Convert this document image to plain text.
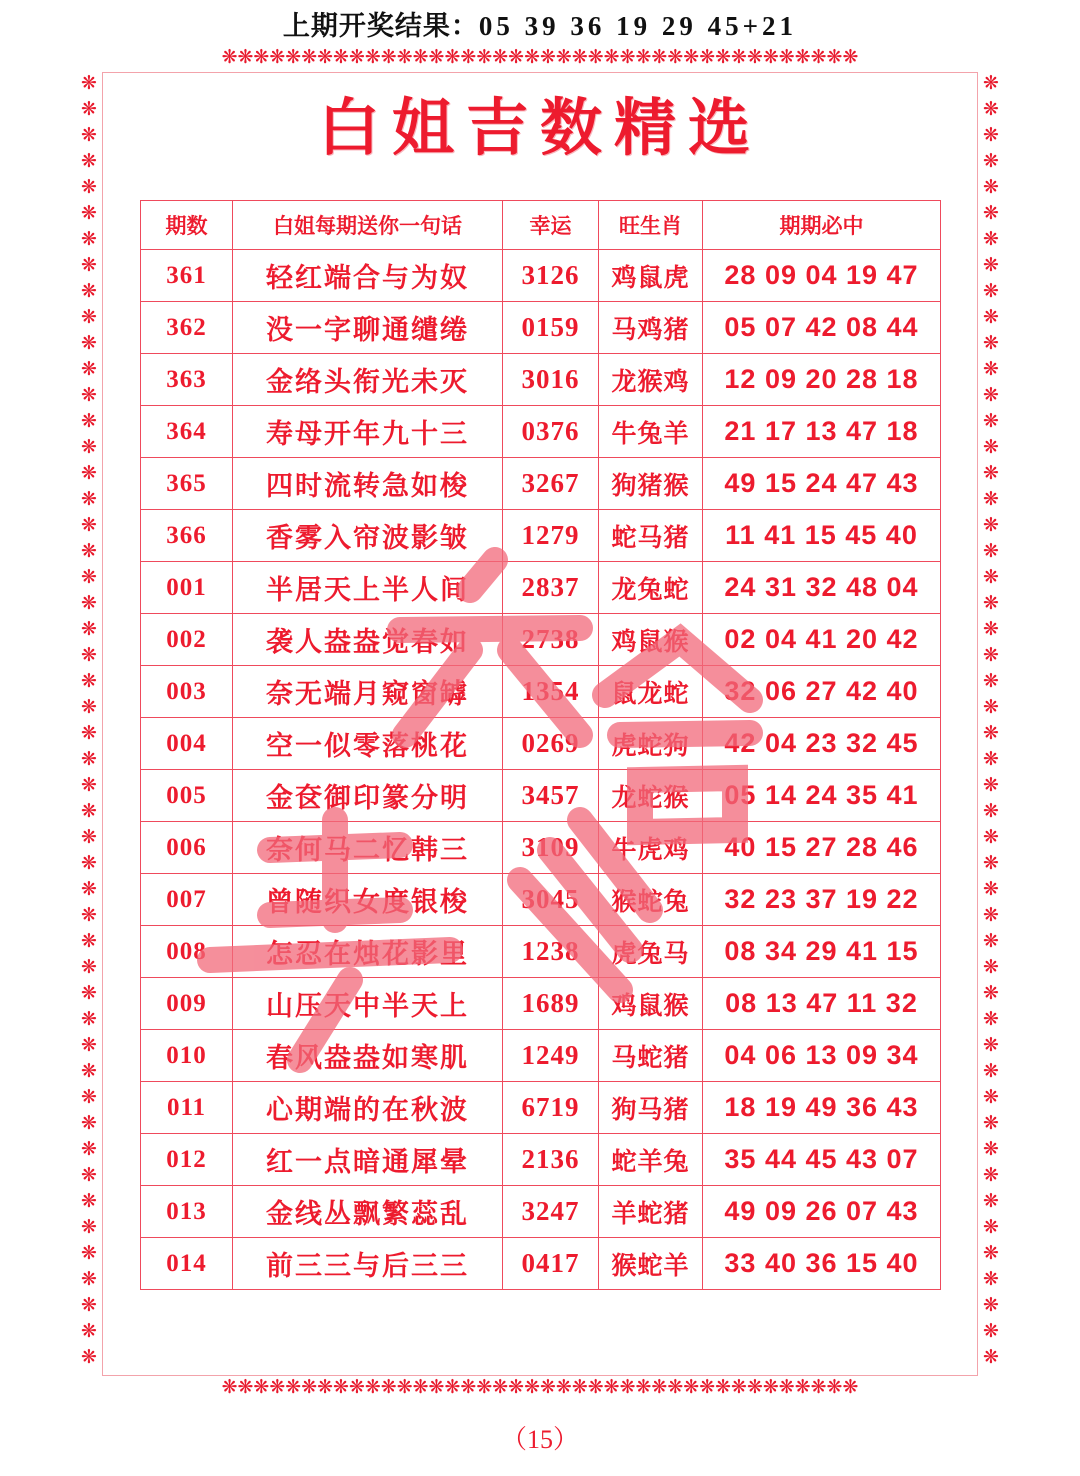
上期开奖结果：05 39 36 19 29 45+21
❋❋❋❋❋❋❋❋❋❋❋❋❋❋❋❋❋❋❋❋❋❋❋❋❋❋❋❋❋❋❋❋❋❋❋❋❋❋❋❋
❋❋❋❋❋❋❋❋❋❋❋❋❋❋❋❋❋❋❋❋❋❋❋❋❋❋❋❋❋❋❋❋❋❋❋❋❋❋❋❋
❋
❋
❋
❋
❋
❋
❋
❋
❋
❋
❋
❋
❋
❋
❋
❋
❋
❋
❋
❋
❋
❋
❋
❋
❋
❋
❋
❋
❋
❋
❋
❋
❋
❋
❋
❋
❋
❋
❋
❋
❋
❋
❋
❋
❋
❋
❋
❋
❋
❋
❋
❋
❋
❋
❋
❋
❋
❋
❋
❋
❋
❋
❋
❋
❋
❋
❋
❋
❋
❋
❋
❋
❋
❋
❋
❋
❋
❋
❋
❋
❋
❋
❋
❋
❋
❋
❋
❋
❋
❋
❋
❋
❋
❋
❋
❋
❋
❋
❋
❋
白姐吉数精选
期数	白姐每期送你一句话	幸运	旺生肖	期期必中
361	轻红端合与为奴	3126	鸡鼠虎	28 09 04 19 47
362	没一字聊通缱绻	0159	马鸡猪	05 07 42 08 44
363	金络头衔光未灭	3016	龙猴鸡	12 09 20 28 18
364	寿母开年九十三	0376	牛兔羊	21 17 13 47 18
365	四时流转急如梭	3267	狗猪猴	49 15 24 47 43
366	香雾入帘波影皱	1279	蛇马猪	11 41 15 45 40
001	半居天上半人间	2837	龙兔蛇	24 31 32 48 04
002	袭人盎盎觉春如	2738	鸡鼠猴	02 04 41 20 42
003	奈无端月窥窗罅	1354	鼠龙蛇	32 06 27 42 40
004	空一似零落桃花	0269	虎蛇狗	42 04 23 32 45
005	金奁御印篆分明	3457	龙蛇猴	05 14 24 35 41
006	奈何马二忆韩三	3109	牛虎鸡	40 15 27 28 46
007	曾随织女度银梭	3045	猴蛇兔	32 23 37 19 22
008	怎忍在烛花影里	1238	虎兔马	08 34 29 41 15
009	山压天中半天上	1689	鸡鼠猴	08 13 47 11 32
010	春风盎盎如寒肌	1249	马蛇猪	04 06 13 09 34
011	心期端的在秋波	6719	狗马猪	18 19 49 36 43
012	红一点暗通犀晕	2136	蛇羊兔	35 44 45 43 07
013	金线丛飘繁蕊乱	3247	羊蛇猪	49 09 26 07 43
014	前三三与后三三	0417	猴蛇羊	33 40 36 15 40
（15）
